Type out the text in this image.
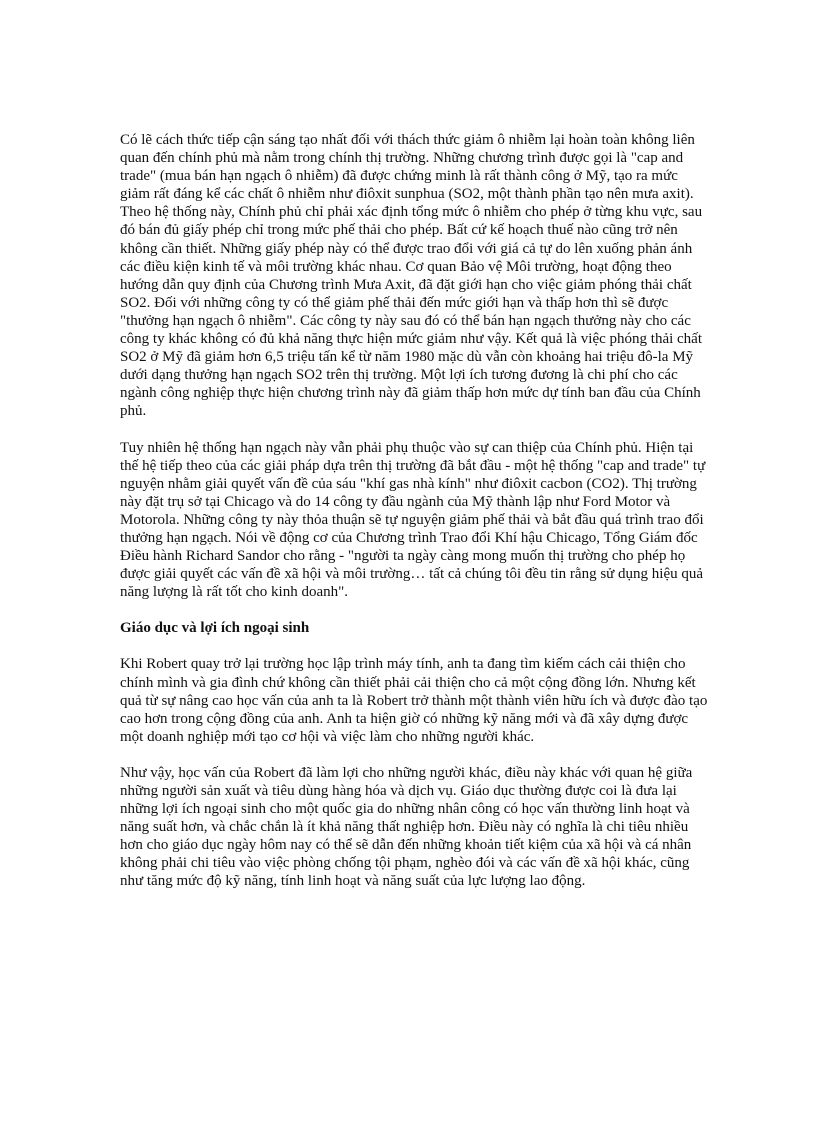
Có lẽ cách thức tiếp cận sáng tạo nhất đối với thách thức giảm ô nhiễm lại hoàn toàn không liên quan đến chính phủ mà nằm trong chính thị trường. Những chương trình được gọi là "cap and trade" (mua bán hạn ngạch ô nhiễm) đã được chứng minh là rất thành công ở Mỹ, tạo ra mức giảm rất đáng kể các chất ô nhiễm như điôxit sunphua (SO2, một thành phần tạo nên mưa axit). Theo hệ thống này, Chính phủ chỉ phải xác định tổng mức ô nhiễm cho phép ở từng khu vực, sau đó bán đủ giấy phép chỉ trong mức phế thải cho phép. Bất cứ kế hoạch thuế nào cũng trở nên không cần thiết. Những giấy phép này có thể được trao đổi với giá cả tự do lên xuống phản ánh các điều kiện kinh tế và môi trường khác nhau. Cơ quan Bảo vệ Môi trường, hoạt động theo hướng dẫn quy định của Chương trình Mưa Axit, đã đặt giới hạn cho việc giảm phóng thải chất SO2. Đối với những công ty có thể giảm phế thải đến mức giới hạn và thấp hơn thì sẽ được "thưởng hạn ngạch ô nhiễm". Các công ty này sau đó có thể bán hạn ngạch thưởng này cho các công ty khác không có đủ khả năng thực hiện mức giảm như vậy. Kết quả là việc phóng thải chất SO2 ở Mỹ đã giảm hơn 6,5 triệu tấn kể từ năm 1980 mặc dù vẫn còn khoảng hai triệu đô-la Mỹ dưới dạng thưởng hạn ngạch SO2 trên thị trường. Một lợi ích tương đương là chi phí cho các ngành công nghiệp thực hiện chương trình này đã giảm thấp hơn mức dự tính ban đầu của Chính phủ.

Tuy nhiên hệ thống hạn ngạch này vẫn phải phụ thuộc vào sự can thiệp của Chính phủ. Hiện tại thế hệ tiếp theo của các giải pháp dựa trên thị trường đã bắt đầu - một hệ thống "cap and trade" tự nguyện nhằm giải quyết vấn đề của sáu "khí gas nhà kính" như điôxit cacbon (CO2). Thị trường này đặt trụ sở tại Chicago và do 14 công ty đầu ngành của Mỹ thành lập như Ford Motor và Motorola. Những công ty này thỏa thuận sẽ tự nguyện giảm phế thải và bắt đầu quá trình trao đổi thưởng hạn ngạch. Nói về động cơ của Chương trình Trao đổi Khí hậu Chicago, Tổng Giám đốc Điều hành Richard Sandor cho rằng - "người ta ngày càng mong muốn thị trường cho phép họ được giải quyết các vấn đề xã hội và môi trường… tất cả chúng tôi đều tin rằng sử dụng hiệu quả năng lượng là rất tốt cho kinh doanh".

Giáo dục và lợi ích ngoại sinh

Khi Robert quay trở lại trường học lập trình máy tính, anh ta đang tìm kiếm cách cải thiện cho chính mình và gia đình chứ không cần thiết phải cải thiện cho cả một cộng đồng lớn. Nhưng kết quả từ sự nâng cao học vấn của anh ta là Robert trở thành một thành viên hữu ích và được đào tạo cao hơn trong cộng đồng của anh. Anh ta hiện giờ có những kỹ năng mới và đã xây dựng được một doanh nghiệp mới tạo cơ hội và việc làm cho những người khác.

Như vậy, học vấn của Robert đã làm lợi cho những người khác, điều này khác với quan hệ giữa những người sản xuất và tiêu dùng hàng hóa và dịch vụ. Giáo dục thường được coi là đưa lại những lợi ích ngoại sinh cho một quốc gia do những nhân công có học vấn thường linh hoạt và năng suất hơn, và chắc chắn là ít khả năng thất nghiệp hơn. Điều này có nghĩa là chi tiêu nhiều hơn cho giáo dục ngày hôm nay có thể sẽ dẫn đến những khoản tiết kiệm của xã hội và cá nhân không phải chi tiêu vào việc phòng chống tội phạm, nghèo đói và các vấn đề xã hội khác, cũng như tăng mức độ kỹ năng, tính linh hoạt và năng suất của lực lượng lao động.
